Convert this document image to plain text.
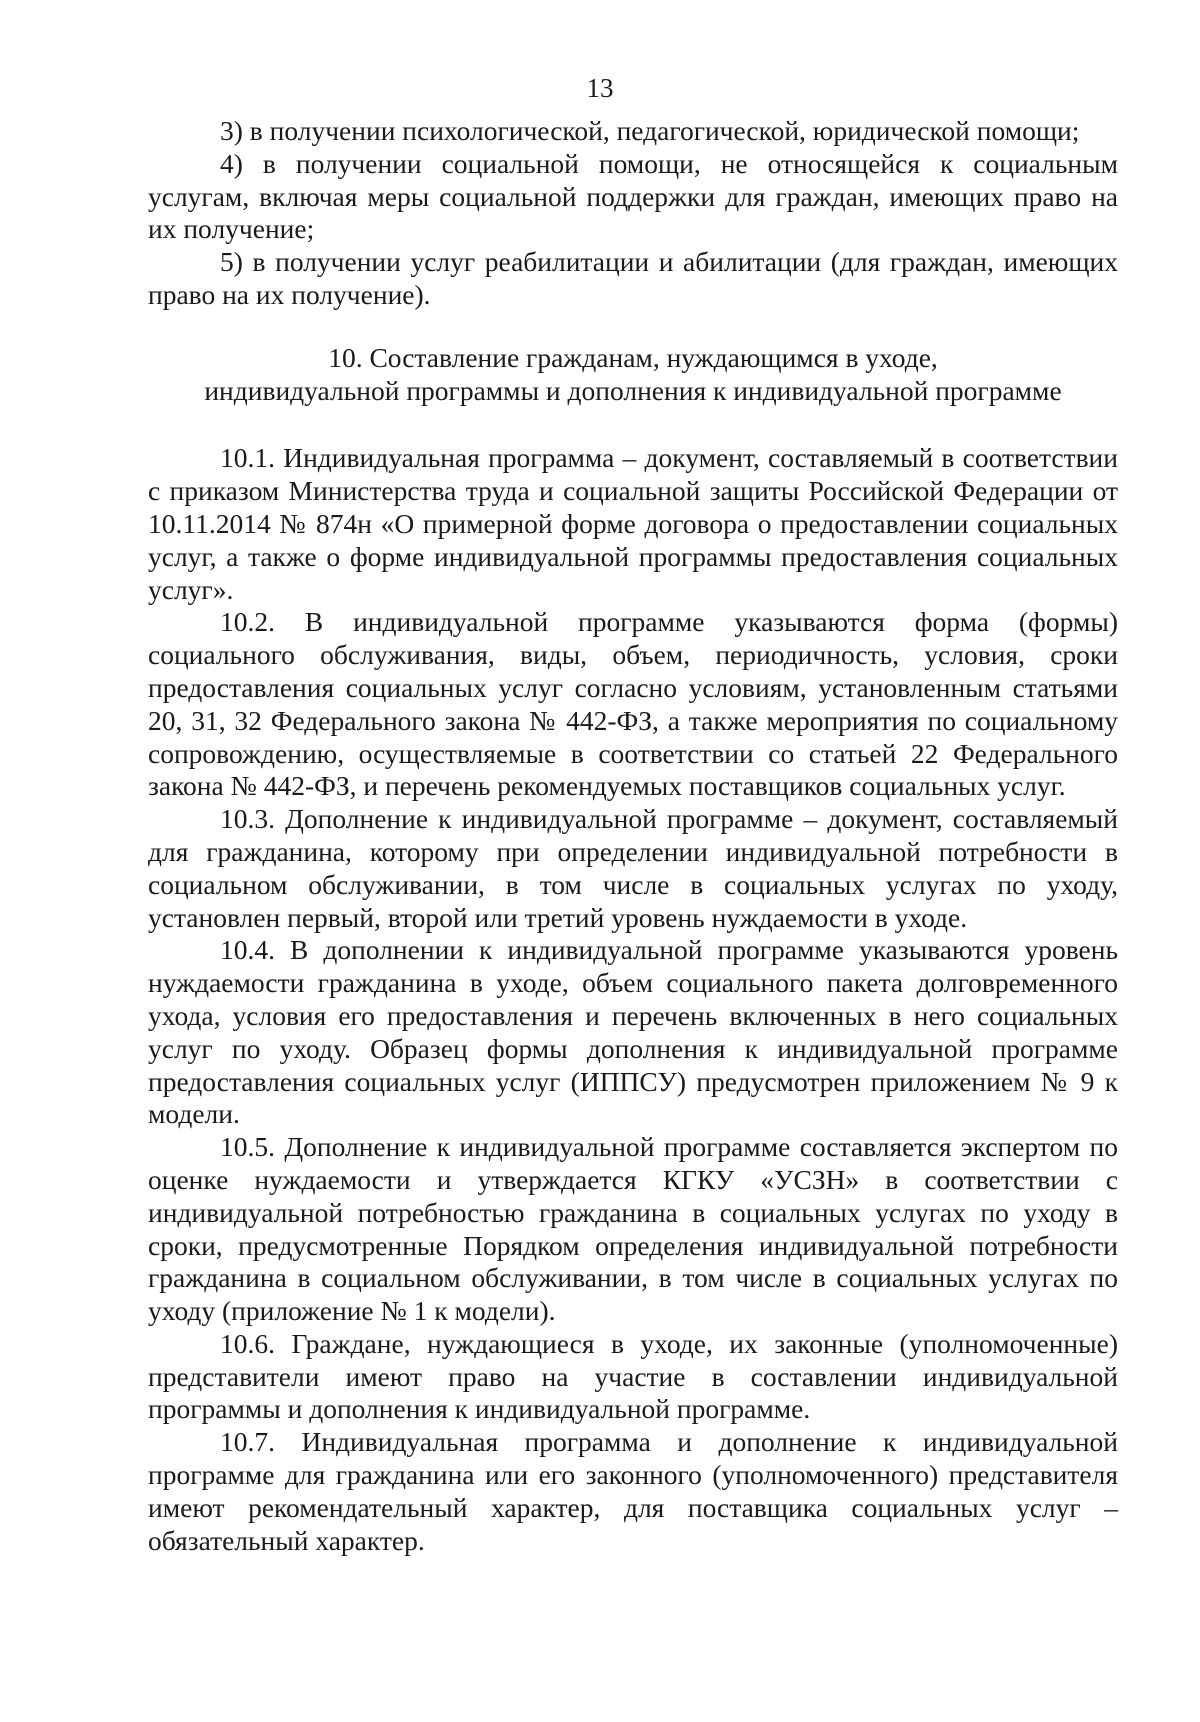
13

3) в получении психологической, педагогической, юридической помощи;

4) в получении социальной помощи, не относящейся к социальным услугам, включая меры социальной поддержки для граждан, имеющих право на их получение;

5) в получении услуг реабилитации и абилитации (для граждан, имеющих право на их получение).

10. Составление гражданам, нуждающимся в уходе,
индивидуальной программы и дополнения к индивидуальной программе

10.1. Индивидуальная программа – документ, составляемый в соответствии с приказом Министерства труда и социальной защиты Российской Федерации от 10.11.2014 № 874н «О примерной форме договора о предоставлении социальных услуг, а также о форме индивидуальной программы предоставления социальных услуг».

10.2. В индивидуальной программе указываются форма (формы) социального обслуживания, виды, объем, периодичность, условия, сроки предоставления социальных услуг согласно условиям, установленным статьями 20, 31, 32 Федерального закона № 442-ФЗ, а также мероприятия по социальному сопровождению, осуществляемые в соответствии со статьей 22 Федерального закона № 442-ФЗ, и перечень рекомендуемых поставщиков социальных услуг.

10.3. Дополнение к индивидуальной программе – документ, составляемый для гражданина, которому при определении индивидуальной потребности в социальном обслуживании, в том числе в социальных услугах по уходу, установлен первый, второй или третий уровень нуждаемости в уходе.

10.4. В дополнении к индивидуальной программе указываются уровень нуждаемости гражданина в уходе, объем социального пакета долговременного ухода, условия его предоставления и перечень включенных в него социальных услуг по уходу. Образец формы дополнения к индивидуальной программе предоставления социальных услуг (ИППСУ) предусмотрен приложением № 9 к модели.

10.5. Дополнение к индивидуальной программе составляется экспертом по оценке нуждаемости и утверждается КГКУ «УСЗН» в соответствии с индивидуальной потребностью гражданина в социальных услугах по уходу в сроки, предусмотренные Порядком определения индивидуальной потребности гражданина в социальном обслуживании, в том числе в социальных услугах по уходу (приложение № 1 к модели).

10.6. Граждане, нуждающиеся в уходе, их законные (уполномоченные) представители имеют право на участие в составлении индивидуальной программы и дополнения к индивидуальной программе.

10.7. Индивидуальная программа и дополнение к индивидуальной программе для гражданина или его законного (уполномоченного) представителя имеют рекомендательный характер, для поставщика социальных услуг – обязательный характер.
